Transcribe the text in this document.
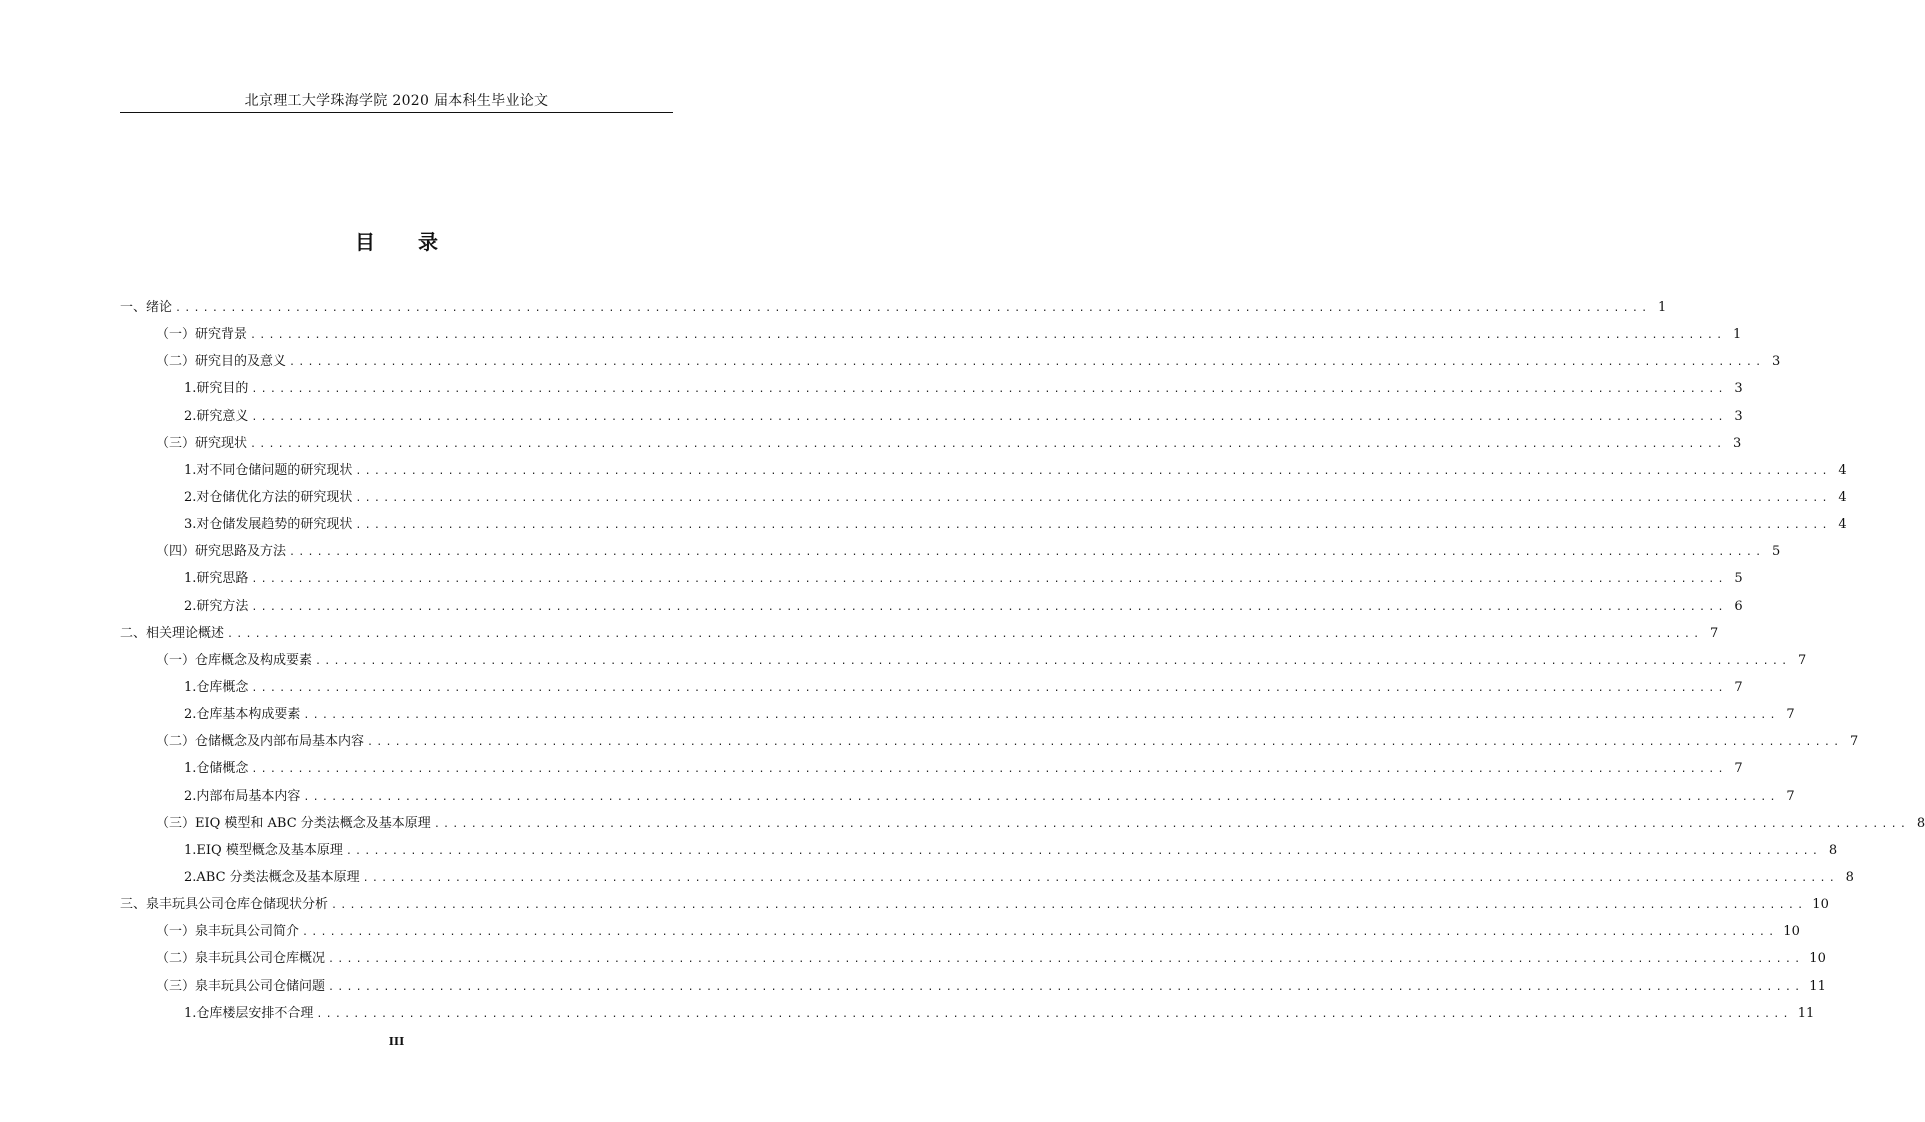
北京理工大学珠海学院 2020 届本科生毕业论文
目 录
一、绪论 ................................................................................................................................................................ 1
（一）研究背景 ................................................................................................................................................................ 1
（二）研究目的及意义 ................................................................................................................................................................ 3
1.研究目的 ................................................................................................................................................................ 3
2.研究意义 ................................................................................................................................................................ 3
（三）研究现状 ................................................................................................................................................................ 3
1.对不同仓储问题的研究现状 ................................................................................................................................................................ 4
2.对仓储优化方法的研究现状 ................................................................................................................................................................ 4
3.对仓储发展趋势的研究现状 ................................................................................................................................................................ 4
（四）研究思路及方法 ................................................................................................................................................................ 5
1.研究思路 ................................................................................................................................................................ 5
2.研究方法 ................................................................................................................................................................ 6
二、相关理论概述 ................................................................................................................................................................ 7
（一）仓库概念及构成要素 ................................................................................................................................................................ 7
1.仓库概念 ................................................................................................................................................................ 7
2.仓库基本构成要素 ................................................................................................................................................................ 7
（二）仓储概念及内部布局基本内容 ................................................................................................................................................................ 7
1.仓储概念 ................................................................................................................................................................ 7
2.内部布局基本内容 ................................................................................................................................................................ 7
（三）EIQ 模型和 ABC 分类法概念及基本原理 ................................................................................................................................................................ 8
1.EIQ 模型概念及基本原理 ................................................................................................................................................................ 8
2.ABC 分类法概念及基本原理 ................................................................................................................................................................ 8
三、泉丰玩具公司仓库仓储现状分析 ................................................................................................................................................................ 10
（一）泉丰玩具公司简介 ................................................................................................................................................................ 10
（二）泉丰玩具公司仓库概况 ................................................................................................................................................................ 10
（三）泉丰玩具公司仓储问题 ................................................................................................................................................................ 11
1.仓库楼层安排不合理 ................................................................................................................................................................ 11
III
